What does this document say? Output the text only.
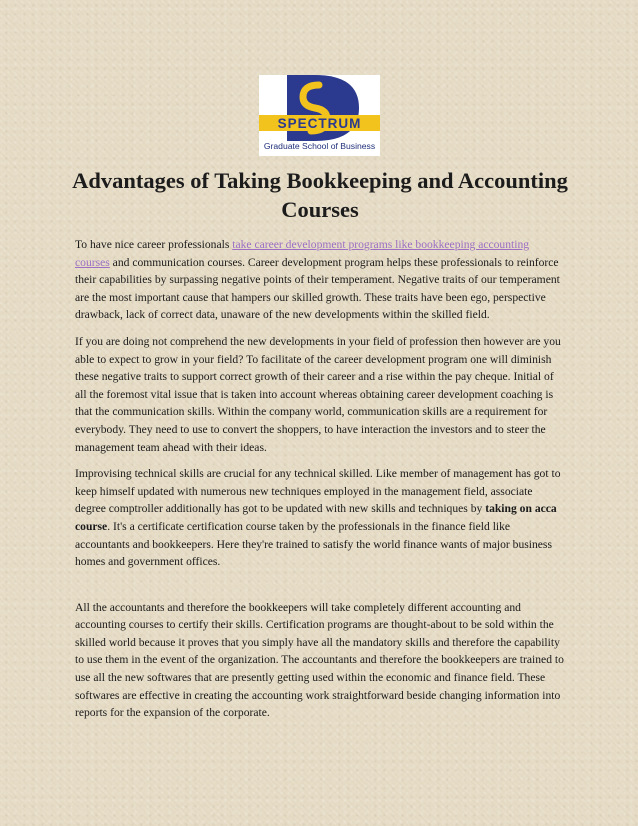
SPECTRUM
Graduate School of Business
Advantages of Taking Bookkeeping and Accounting Courses

To have nice career professionals take career development programs like bookkeeping accounting courses and communication courses. Career development program helps these professionals to reinforce their capabilities by surpassing negative points of their temperament. Negative traits of our temperament are the most important cause that hampers our skilled growth. These traits have been ego, perspective drawback, lack of correct data, unaware of the new developments within the skilled field.

If you are doing not comprehend the new developments in your field of profession then however are you able to expect to grow in your field? To facilitate of the career development program one will diminish these negative traits to support correct growth of their career and a rise within the pay cheque. Initial of all the foremost vital issue that is taken into account whereas obtaining career development coaching is that the communication skills. Within the company world, communication skills are a requirement for everybody. They need to use to convert the shoppers, to have interaction the investors and to steer the management team ahead with their ideas.

Improvising technical skills are crucial for any technical skilled. Like member of management has got to keep himself updated with numerous new techniques employed in the management field, associate degree comptroller additionally has got to be updated with new skills and techniques by taking on acca course. It's a certificate certification course taken by the professionals in the finance field like accountants and bookkeepers. Here they're trained to satisfy the world finance wants of major business homes and government offices.

All the accountants and therefore the bookkeepers will take completely different accounting and accounting courses to certify their skills. Certification programs are thought-about to be sold within the skilled world because it proves that you simply have all the mandatory skills and therefore the capability to use them in the event of the organization. The accountants and therefore the bookkeepers are trained to use all the new softwares that are presently getting used within the economic and finance field. These softwares are effective in creating the accounting work straightforward beside changing information into reports for the expansion of the corporate.
